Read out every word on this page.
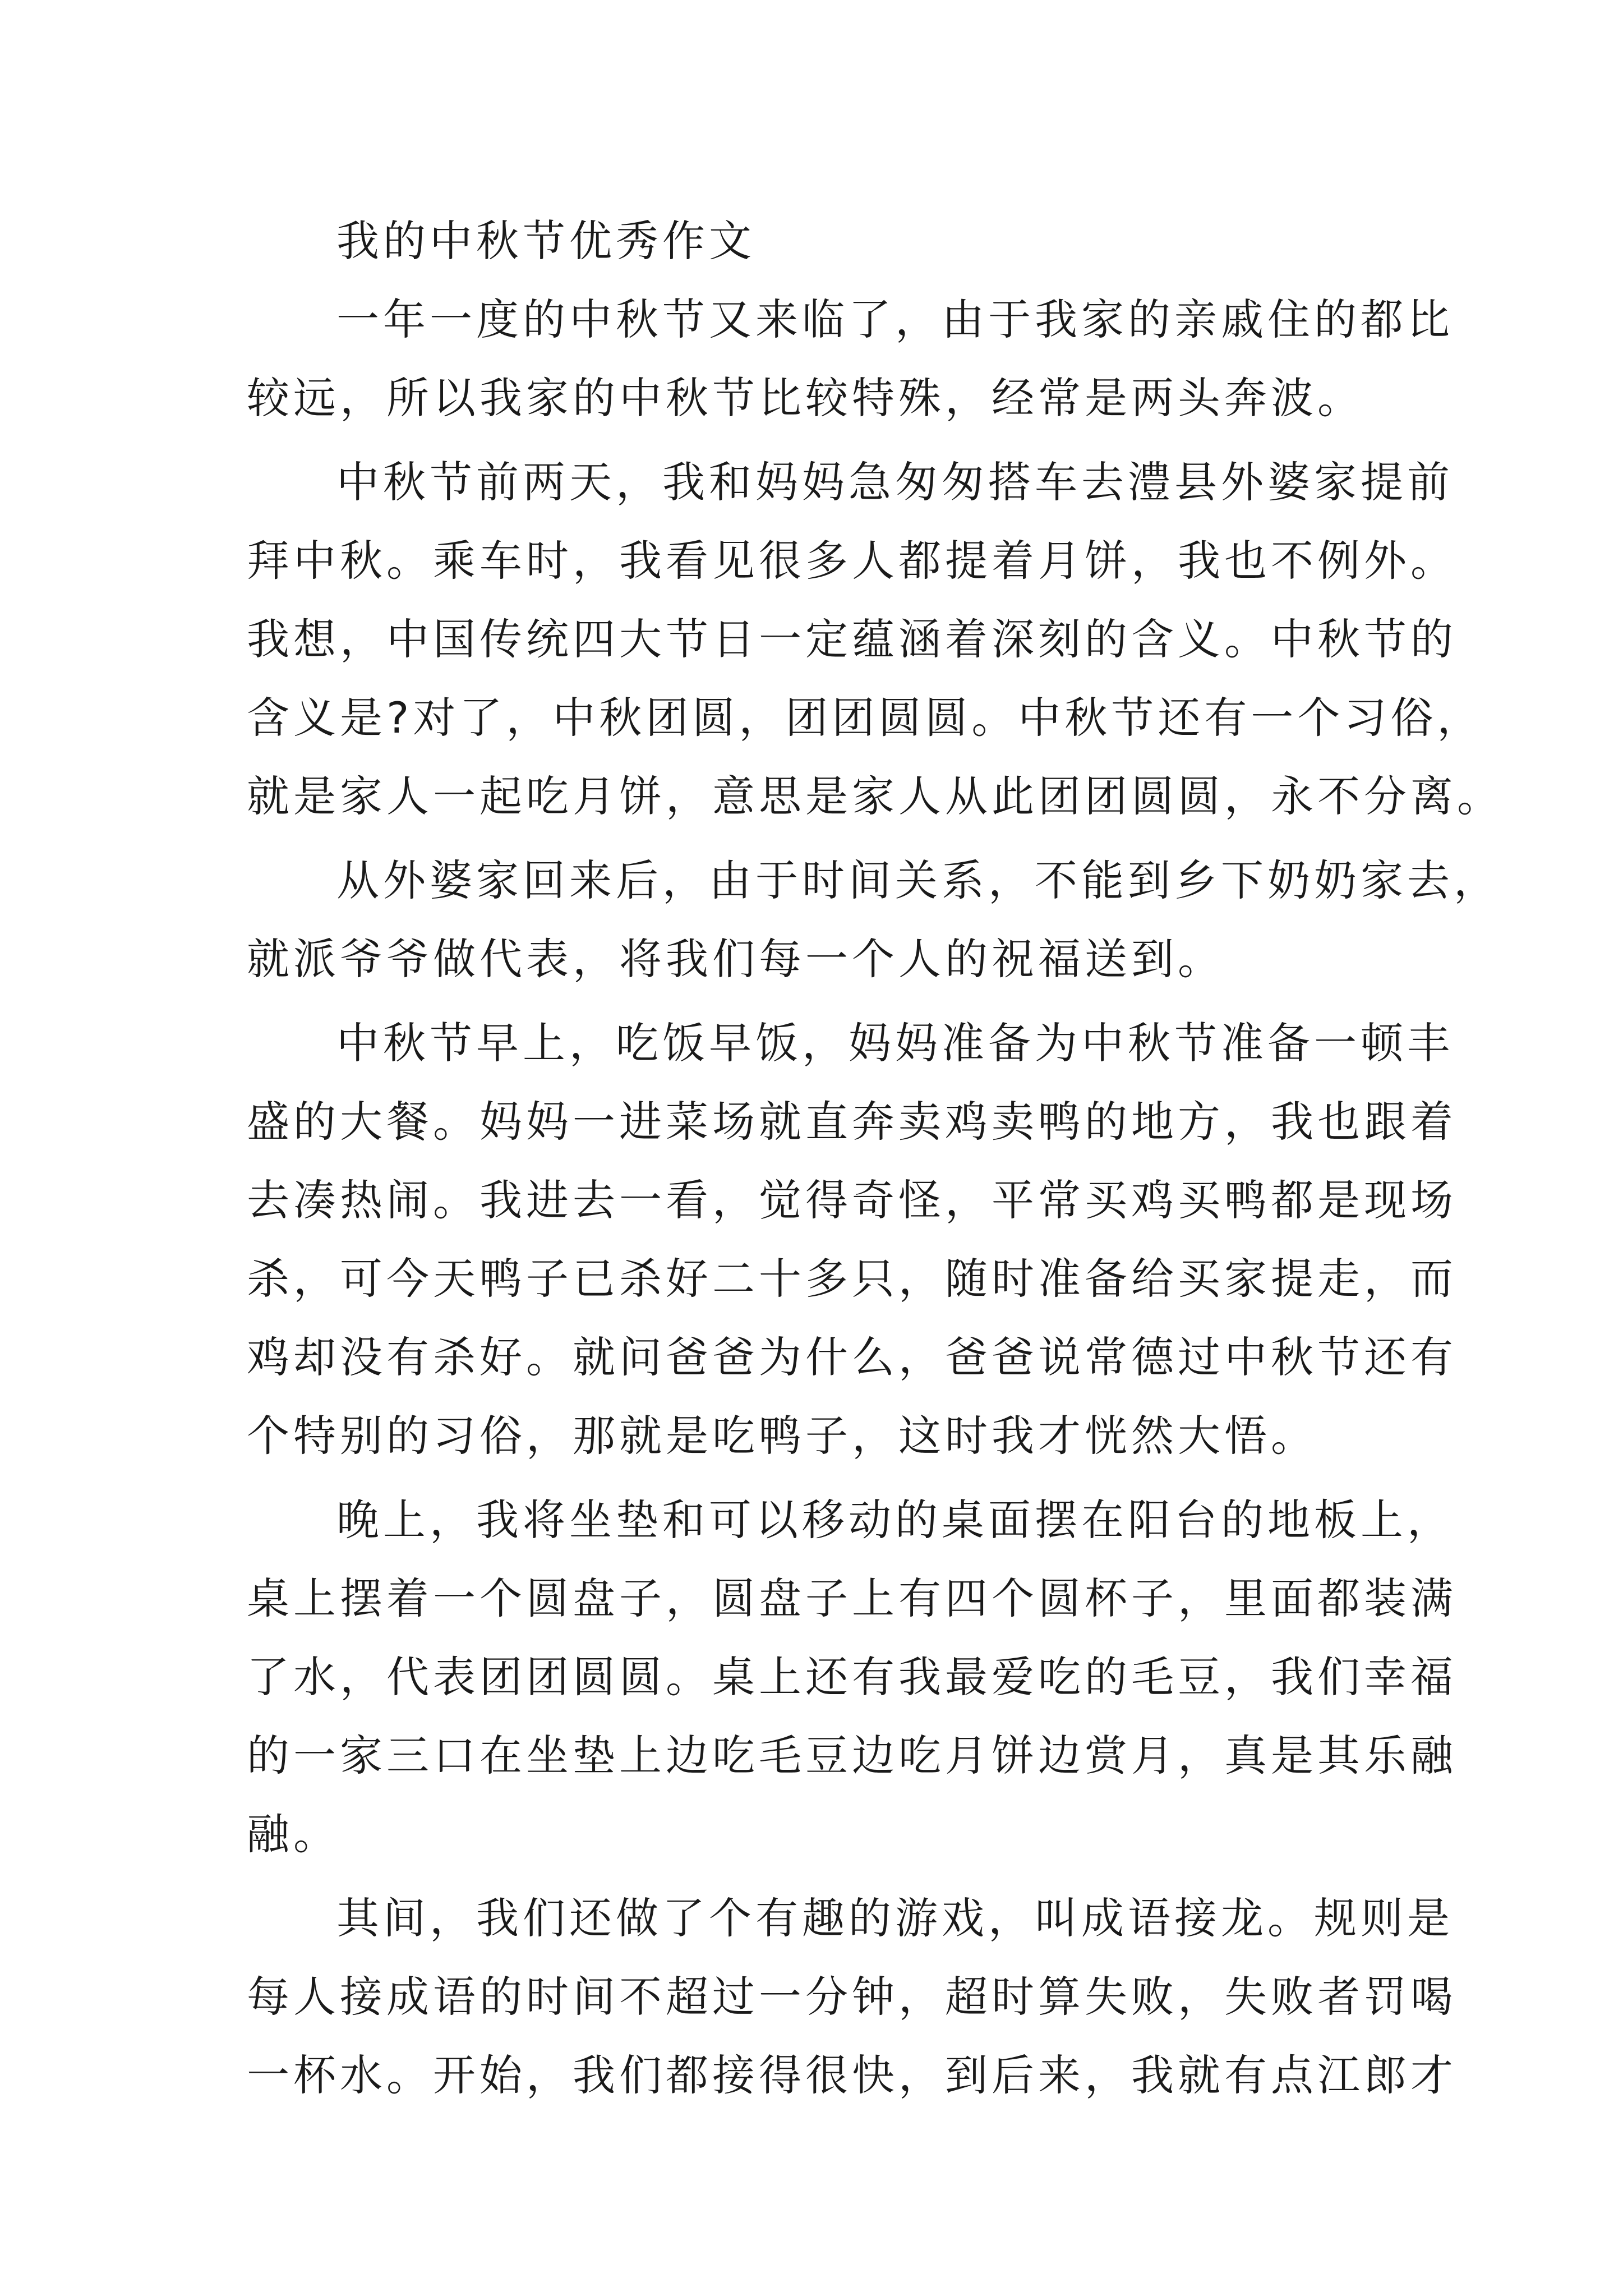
我的中秋节优秀作文
一年一度的中秋节又来临了，由于我家的亲戚住的都比
较远，所以我家的中秋节比较特殊，经常是两头奔波。
中秋节前两天，我和妈妈急匆匆搭车去澧县外婆家提前
拜中秋。乘车时，我看见很多人都提着月饼，我也不例外。
我想，中国传统四大节日一定蕴涵着深刻的含义。中秋节的
含义是?对了，中秋团圆，团团圆圆。中秋节还有一个习俗，
就是家人一起吃月饼，意思是家人从此团团圆圆，永不分离。
从外婆家回来后，由于时间关系，不能到乡下奶奶家去，
就派爷爷做代表，将我们每一个人的祝福送到。
中秋节早上，吃饭早饭，妈妈准备为中秋节准备一顿丰
盛的大餐。妈妈一进菜场就直奔卖鸡卖鸭的地方，我也跟着
去凑热闹。我进去一看，觉得奇怪，平常买鸡买鸭都是现场
杀，可今天鸭子已杀好二十多只，随时准备给买家提走，而
鸡却没有杀好。就问爸爸为什么，爸爸说常德过中秋节还有
个特别的习俗，那就是吃鸭子，这时我才恍然大悟。
晚上，我将坐垫和可以移动的桌面摆在阳台的地板上，
桌上摆着一个圆盘子，圆盘子上有四个圆杯子，里面都装满
了水，代表团团圆圆。桌上还有我最爱吃的毛豆，我们幸福
的一家三口在坐垫上边吃毛豆边吃月饼边赏月，真是其乐融
融。
其间，我们还做了个有趣的游戏，叫成语接龙。规则是
每人接成语的时间不超过一分钟，超时算失败，失败者罚喝
一杯水。开始，我们都接得很快，到后来，我就有点江郎才
